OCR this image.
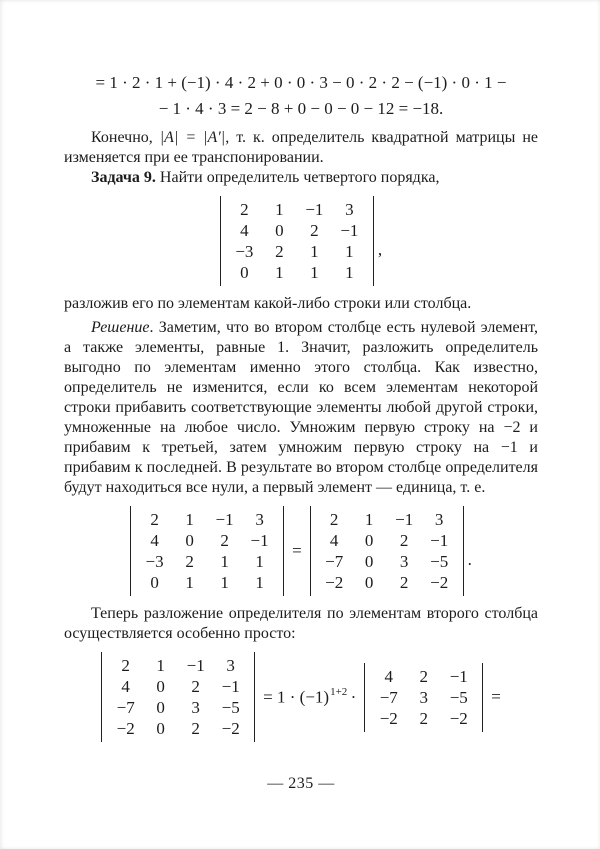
= 1 · 2 · 1 + (−1) · 4 · 2 + 0 · 0 · 3 − 0 · 2 · 2 − (−1) · 0 · 1 −
− 1 · 4 · 3 = 2 − 8 + 0 − 0 − 0 − 12 = −18.

Конечно, |A| = |A′|, т. к. определитель квадратной матрицы не изменяется при ее транспонировании.

Задача 9. Найти определитель четвертого порядка,

2	1	−1	3
4	0	2	−1
−3	2	1	1
0	1	1	1
,

разложив его по элементам какой-либо строки или столбца.

Решение. Заметим, что во втором столбце есть нулевой элемент, а также элементы, равные 1. Значит, разложить определитель выгодно по элементам именно этого столбца. Как известно, определитель не изменится, если ко всем элементам некоторой строки прибавить соответствующие элементы любой другой строки, умноженные на любое число. Умножим первую строку на −2 и прибавим к третьей, затем умножим первую строку на −1 и прибавим к последней. В результате во втором столбце определителя будут находиться все нули, а первый элемент — единица, т. е.

2	1	−1	3
4	0	2	−1
−3	2	1	1
0	1	1	1
=
2	1	−1	3
4	0	2	−1
−7	0	3	−5
−2	0	2	−2
.

Теперь разложение определителя по элементам второго столбца осуществляется особенно просто:

2	1	−1	3
4	0	2	−1
−7	0	3	−5
−2	0	2	−2
= $1 \cdot (-1)^{1+2}$ ·
4	2	−1
−7	3	−5
−2	2	−2
=
— 235 —
